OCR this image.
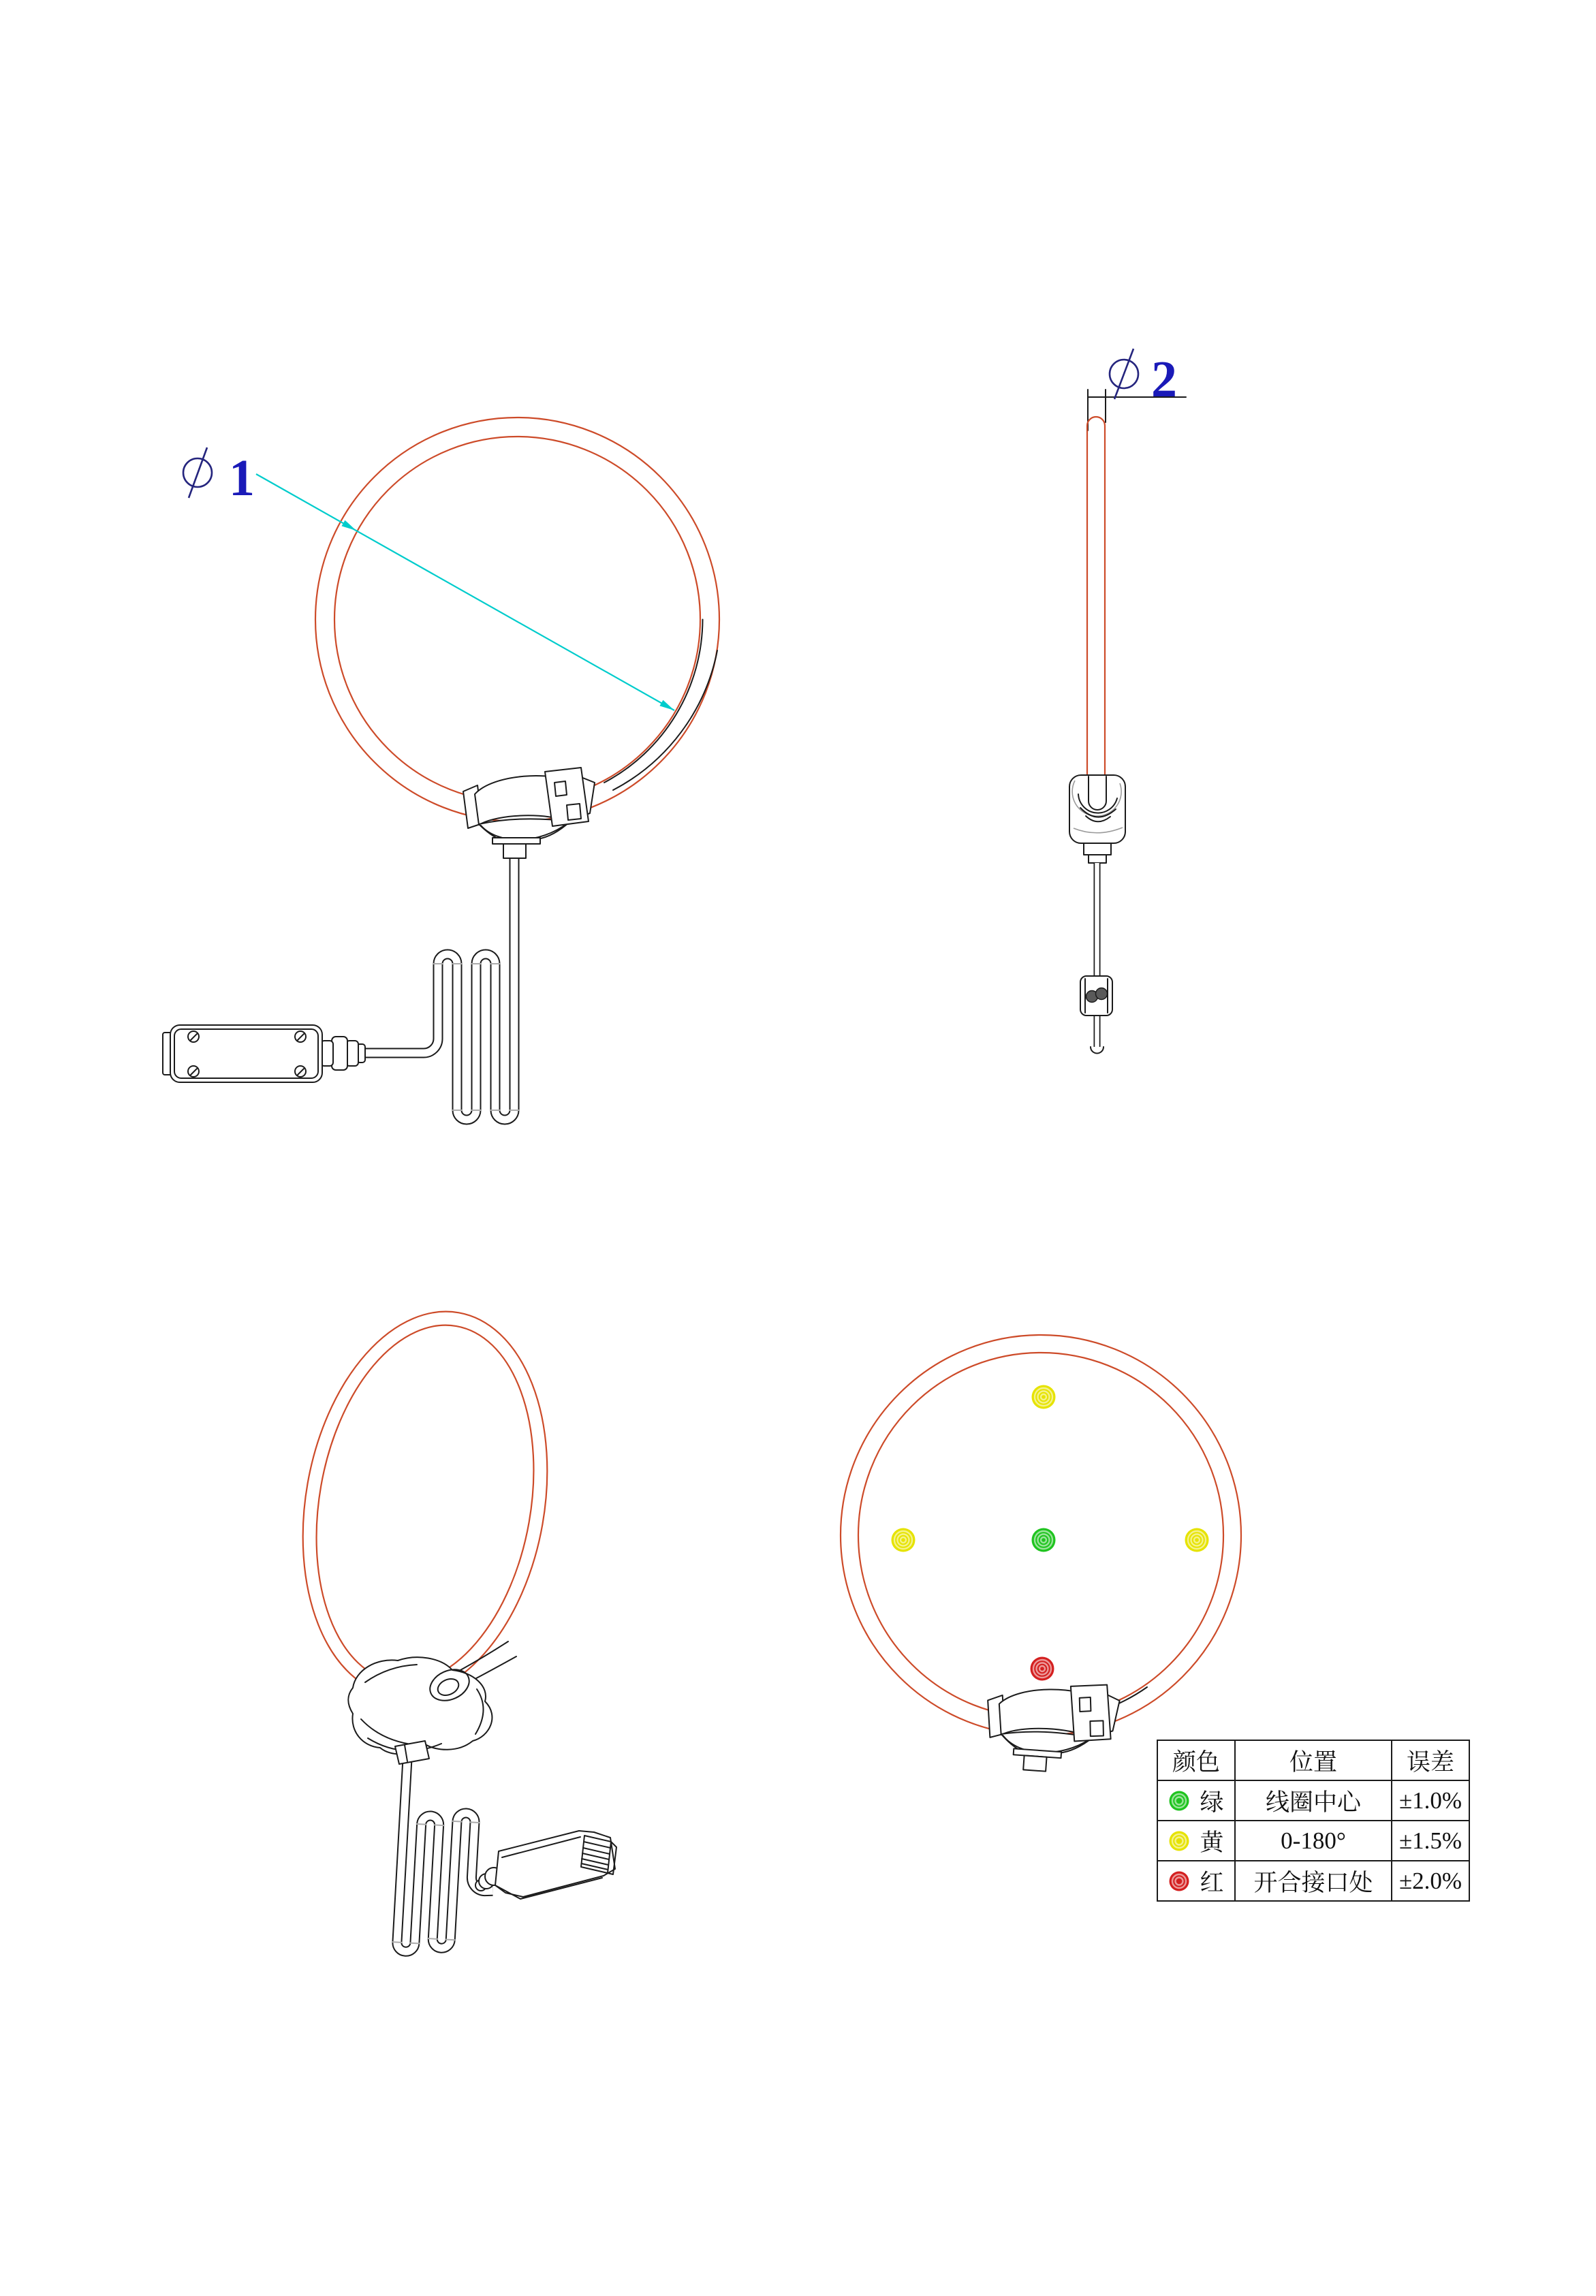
1
2
颜色	位置	误差

绿	线圈中心	±1.0%

黄	0-180°	±1.5%

红	开合接口处	±2.0%
